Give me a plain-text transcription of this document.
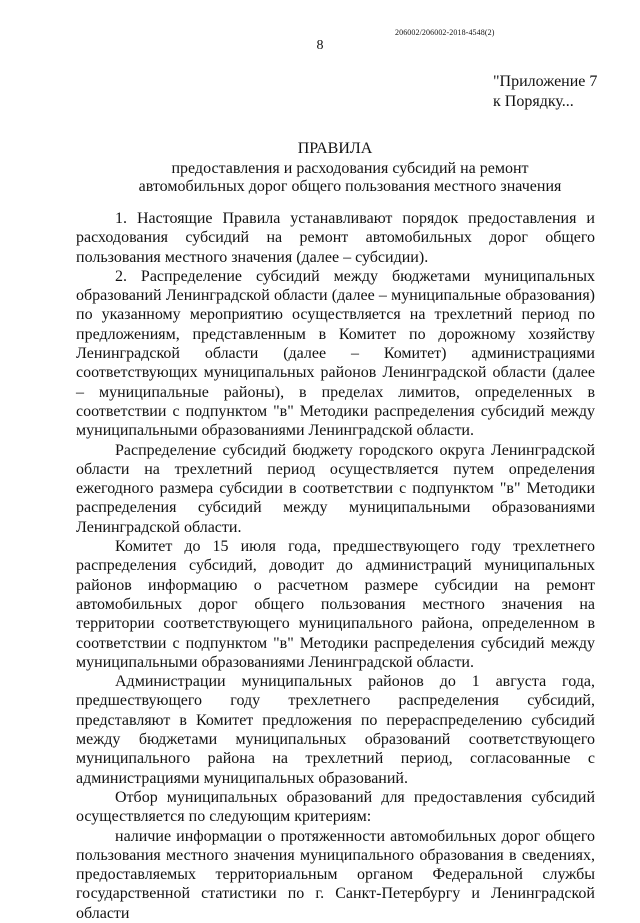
206002/206002-2018-4548(2)
8
"Приложение 7
к Порядку...
ПРАВИЛА
предоставления и расходования субсидий на ремонт
автомобильных дорог общего пользования местного значения

1. Настоящие Правила устанавливают порядок предоставления и расходования субсидий на ремонт автомобильных дорог общего пользования местного значения (далее – субсидии).

2. Распределение субсидий между бюджетами муниципальных образований Ленинградской области (далее – муниципальные образования) по указанному мероприятию осуществляется на трехлетний период по предложениям, представленным в Комитет по дорожному хозяйству Ленинградской области (далее – Комитет) администрациями соответствующих муниципальных районов Ленинградской области (далее – муниципальные районы), в пределах лимитов, определенных в соответствии с подпунктом "в" Методики распределения субсидий между муниципальными образованиями Ленинградской области.

Распределение субсидий бюджету городского округа Ленинградской области на трехлетний период осуществляется путем определения ежегодного размера субсидии в соответствии с подпунктом "в" Методики распределения субсидий между муниципальными образованиями Ленинградской области.

Комитет до 15 июля года, предшествующего году трехлетнего распределения субсидий, доводит до администраций муниципальных районов информацию о расчетном размере субсидии на ремонт автомобильных дорог общего пользования местного значения на территории соответствующего муниципального района, определенном в соответствии с подпунктом "в" Методики распределения субсидий между муниципальными образованиями Ленинградской области.

Администрации муниципальных районов до 1 августа года, предшествующего году трехлетнего распределения субсидий, представляют в Комитет предложения по перераспределению субсидий между бюджетами муниципальных образований соответствующего муниципального района на трехлетний период, согласованные с администрациями муниципальных образований.

Отбор муниципальных образований для предоставления субсидий осуществляется по следующим критериям:

наличие информации о протяженности автомобильных дорог общего пользования местного значения муниципального образования в сведениях, предоставляемых территориальным органом Федеральной службы государственной статистики по г. Санкт-Петербургу и Ленинградской области
